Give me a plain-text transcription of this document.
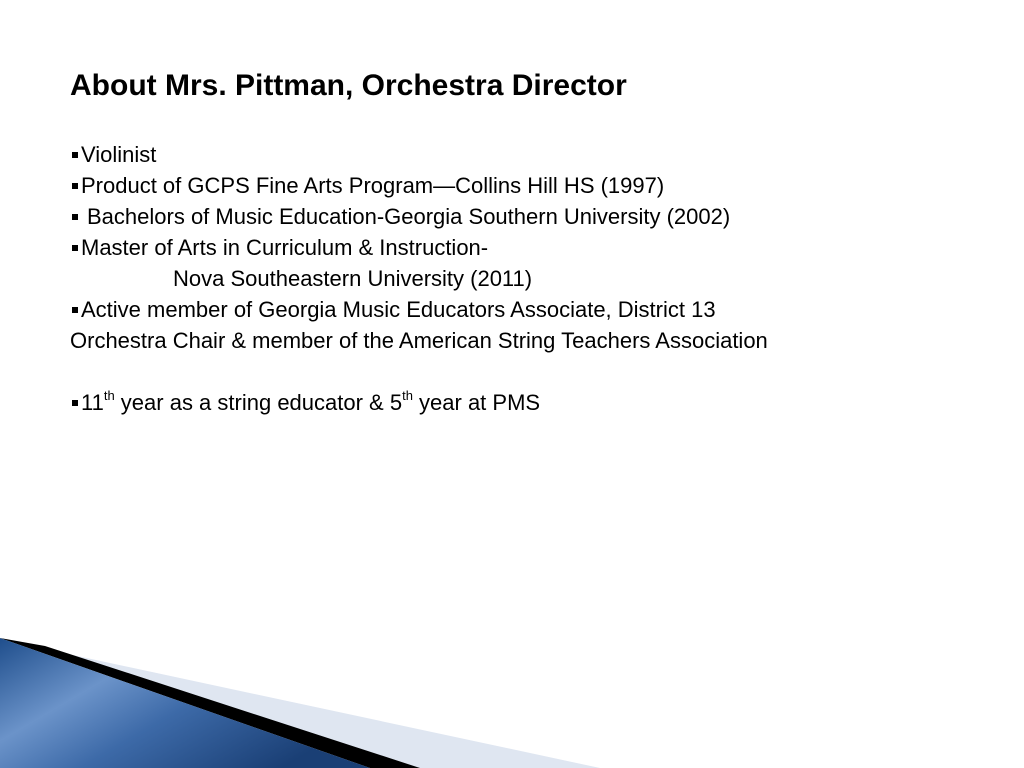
About Mrs. Pittman, Orchestra Director
Violinist
Product of GCPS Fine Arts Program—Collins Hill HS (1997)
Bachelors of Music Education-Georgia Southern University (2002)
Master of Arts in Curriculum & Instruction-
Nova Southeastern University (2011)
Active member of Georgia Music Educators Associate, District 13
Orchestra Chair & member of the American String Teachers Association
11th year as a string educator & 5th year at PMS
